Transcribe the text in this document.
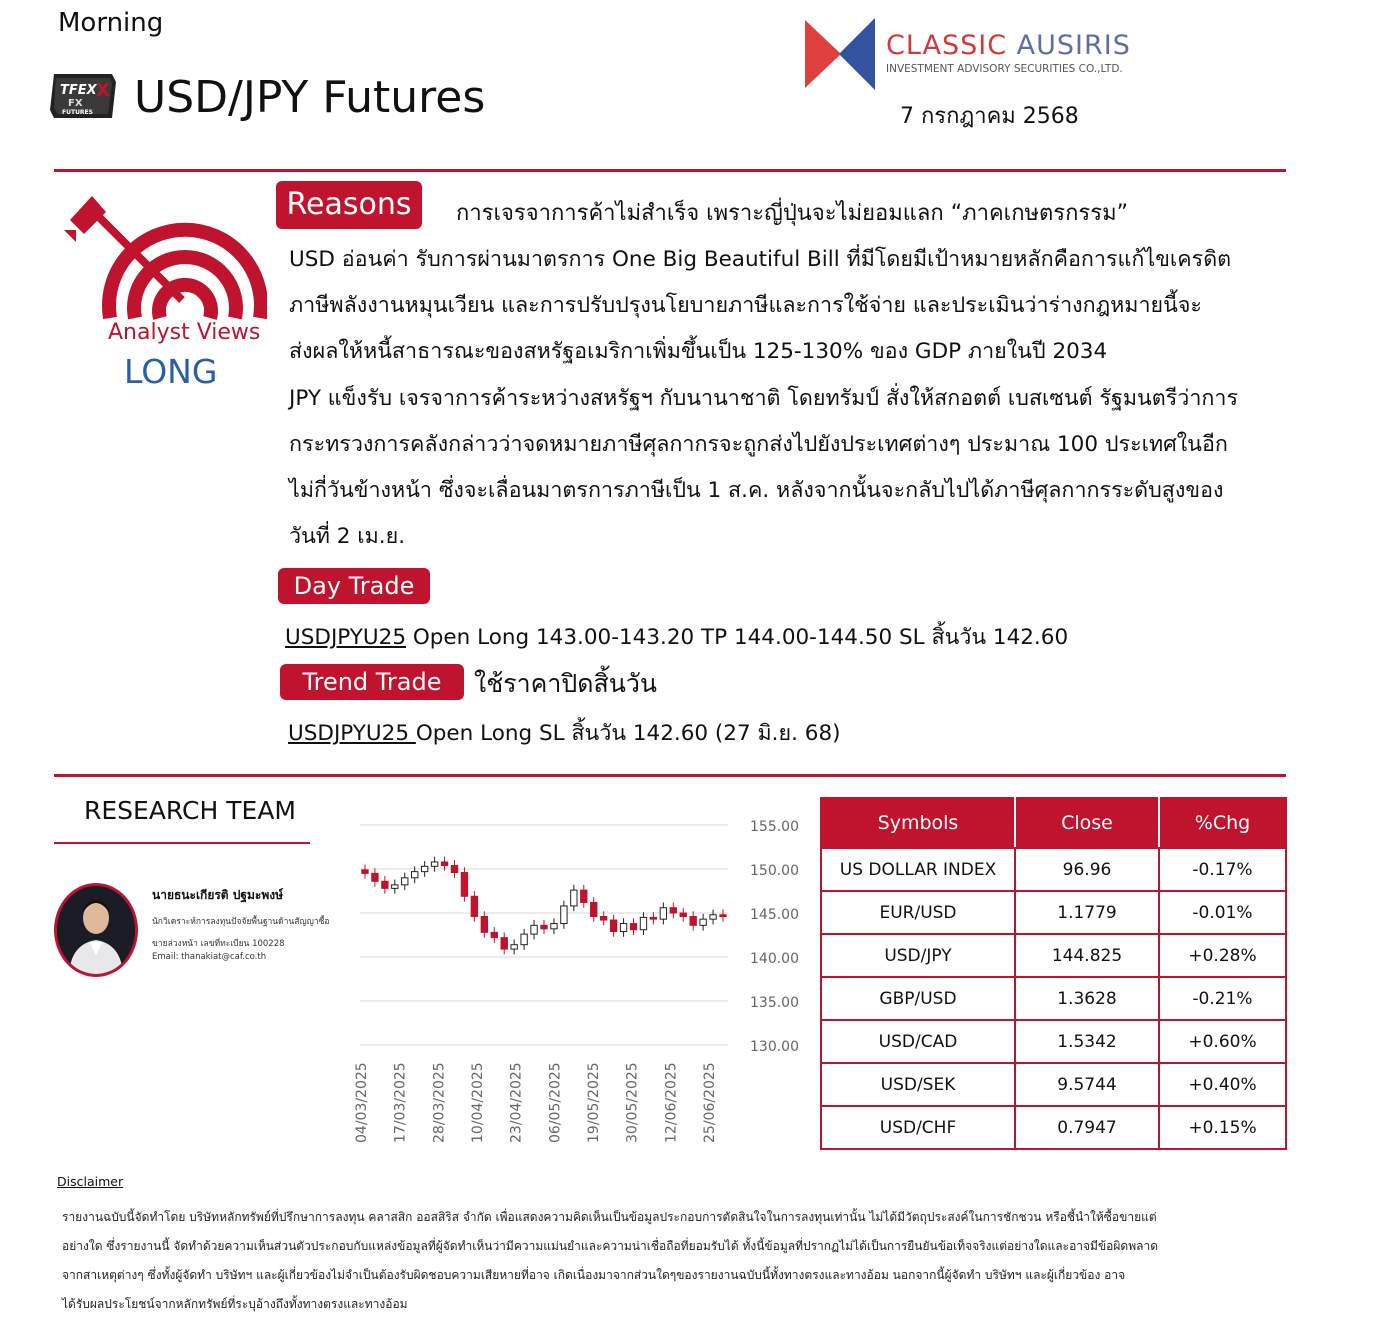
Morning
TFEX X
FX
FUTURES USD/JPY Futures
CLASSIC AUSIRIS
INVESTMENT ADVISORY SECURITIES CO.,LTD.
7 กรกฎาคม 2568
Analyst Views
LONG
Reasons	การเจรจาการค้าไม่สำเร็จ เพราะญี่ปุ่นจะไม่ยอมแลก “ภาคเกษตรกรรม”
USD อ่อนค่า รับการผ่านมาตรการ One Big Beautiful Bill ที่มีโดยมีเป้าหมายหลักคือการแก้ไขเครดิต
ภาษีพลังงานหมุนเวียน และการปรับปรุงนโยบายภาษีและการใช้จ่าย และประเมินว่าร่างกฎหมายนี้จะ
ส่งผลให้หนี้สาธารณะของสหรัฐอเมริกาเพิ่มขึ้นเป็น 125-130% ของ GDP ภายในปี 2034
JPY แข็งรับ เจรจาการค้าระหว่างสหรัฐฯ กับนานาชาติ โดยทรัมป์ สั่งให้สกอตต์ เบสเซนต์ รัฐมนตรีว่าการ
กระทรวงการคลังกล่าวว่าจดหมายภาษีศุลกากรจะถูกส่งไปยังประเทศต่างๆ ประมาณ 100 ประเทศในอีก
ไม่กี่วันข้างหน้า ซึ่งจะเลื่อนมาตรการภาษีเป็น 1 ส.ค. หลังจากนั้นจะกลับไปได้ภาษีศุลกากรระดับสูงของ
วันที่ 2 เม.ย.
Day Trade
USDJPYU25 Open Long 143.00-143.20 TP 144.00-144.50 SL สิ้นวัน 142.60
Trend Trade	ใช้ราคาปิดสิ้นวัน
USDJPYU25 Open Long SL สิ้นวัน 142.60 (27 มิ.ย. 68)
RESEARCH TEAM
นายธนะเกียรติ ปฐมะพงษ์
นักวิเคราะห์การลงทุนปัจจัยพื้นฐานด้านสัญญาซื้อ
ขายล่วงหน้า เลขที่ทะเบียน 100228
Email: thanakiat@caf.co.th
155.00
150.00
145.00
140.00
135.00
130.00
04/03/2025 17/03/2025 28/03/2025 10/04/2025 23/04/2025 06/05/2025 19/05/2025 30/05/2025 12/06/2025 25/06/2025
Symbols	Close	%Chg
US DOLLAR INDEX	96.96	-0.17%
EUR/USD	1.1779	-0.01%
USD/JPY	144.825	+0.28%
GBP/USD	1.3628	-0.21%
USD/CAD	1.5342	+0.60%
USD/SEK	9.5744	+0.40%
USD/CHF	0.7947	+0.15%
Disclaimer
รายงานฉบับนี้จัดทำโดย บริษัทหลักทรัพย์ที่ปรึกษาการลงทุน คลาสสิก ออสสิริส จำกัด เพื่อแสดงความคิดเห็นเป็นข้อมูลประกอบการตัดสินใจในการลงทุนเท่านั้น ไม่ได้มีวัตถุประสงค์ในการชักชวน หรือชี้นำให้ซื้อขายแต่
อย่างใด ซึ่งรายงานนี้ จัดทำด้วยความเห็นส่วนตัวประกอบกับแหล่งข้อมูลที่ผู้จัดทำเห็นว่ามีความแม่นยำและความน่าเชื่อถือที่ยอมรับได้ ทั้งนี้ข้อมูลที่ปรากฏไม่ได้เป็นการยืนยันข้อเท็จจริงแต่อย่างใดและอาจมีข้อผิดพลาด
จากสาเหตุต่างๆ ซึ่งทั้งผู้จัดทำ บริษัทฯ และผู้เกี่ยวข้องไม่จำเป็นต้องรับผิดชอบความเสียหายที่อาจ เกิดเนื่องมาจากส่วนใดๆของรายงานฉบับนี้ทั้งทางตรงและทางอ้อม นอกจากนี้ผู้จัดทำ บริษัทฯ และผู้เกี่ยวข้อง อาจ
ได้รับผลประโยชน์จากหลักทรัพย์ที่ระบุอ้างถึงทั้งทางตรงและทางอ้อม
